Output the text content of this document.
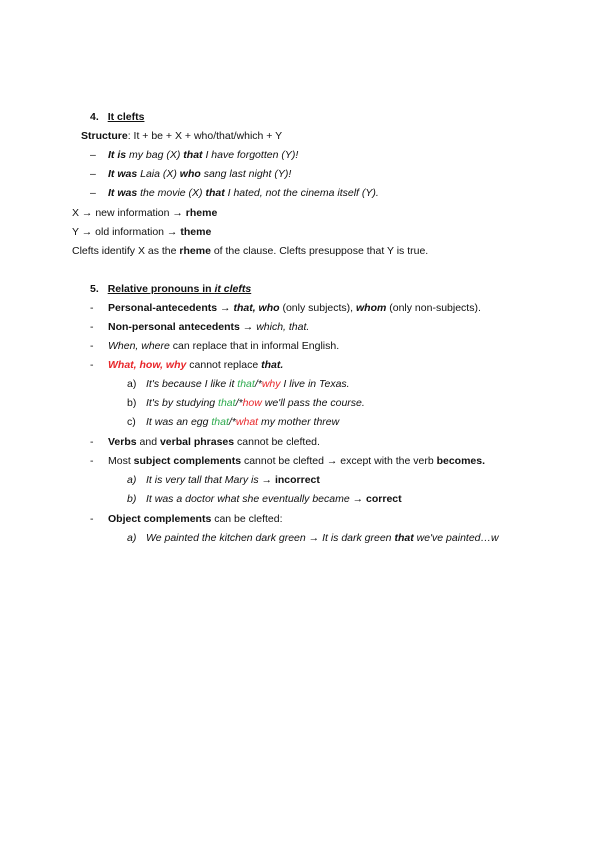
4. It clefts
Structure: It + be + X + who/that/which + Y
– It is my bag (X) that I have forgotten (Y)!
– It was Laia (X) who sang last night (Y)!
– It was the movie (X) that I hated, not the cinema itself (Y).
X → new information → rheme
Y → old information → theme
Clefts identify X as the rheme of the clause. Clefts presuppose that Y is true.
5. Relative pronouns in it clefts
- Personal-antecedents → that, who (only subjects), whom (only non-subjects).
- Non-personal antecedents → which, that.
- When, where can replace that in informal English.
- What, how, why cannot replace that.
a) It's because I like it that/*why I live in Texas.
b) It's by studying that/*how we'll pass the course.
c) It was an egg that/*what my mother threw
- Verbs and verbal phrases cannot be clefted.
- Most subject complements cannot be clefted → except with the verb becomes.
a) It is very tall that Mary is → incorrect
b) It was a doctor what she eventually became → correct
- Object complements can be clefted:
a) We painted the kitchen dark green → It is dark green that we've painted…w
